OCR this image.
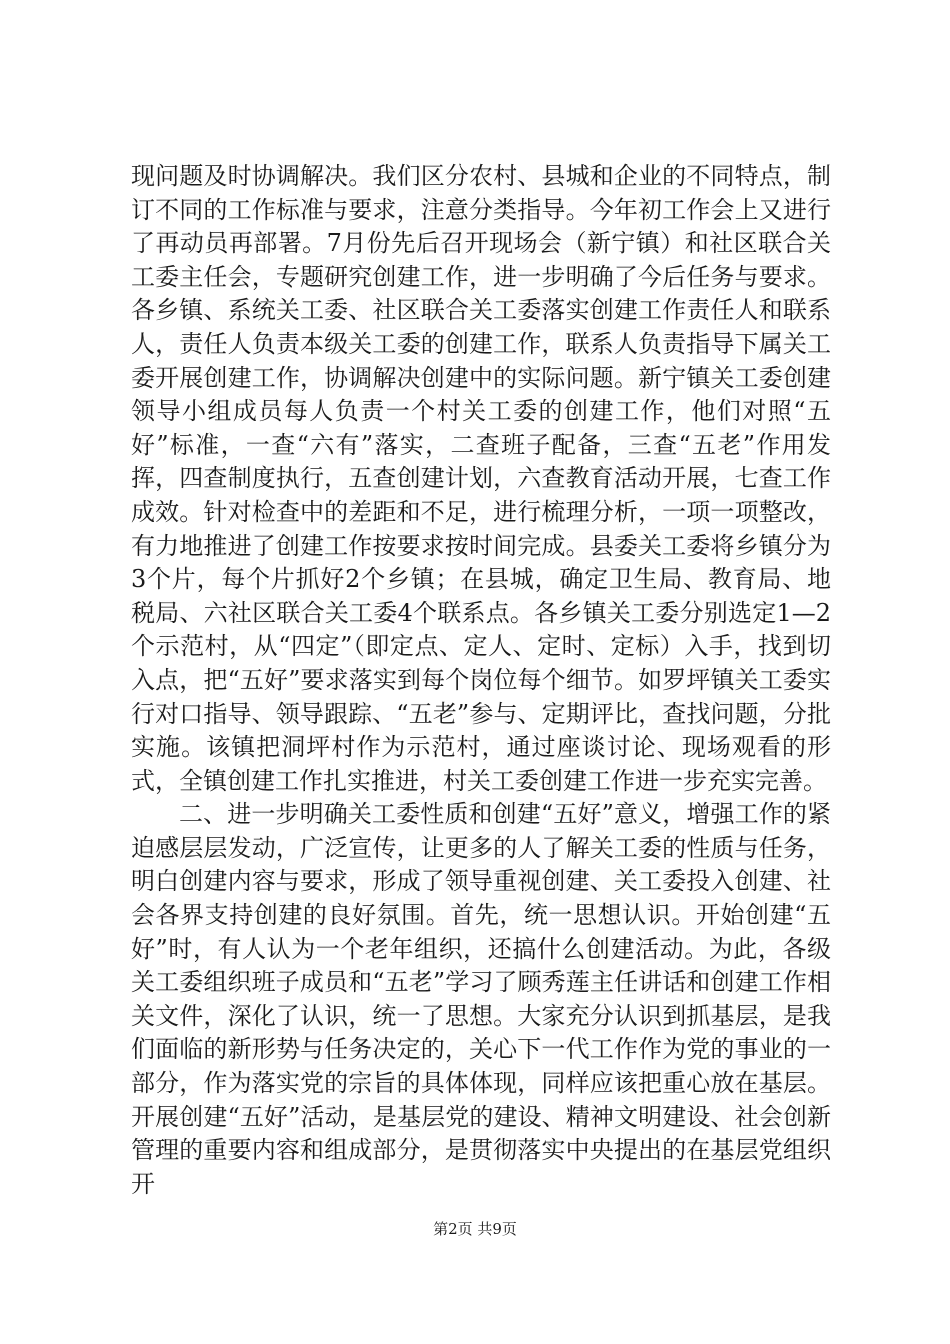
现问题及时协调解决。我们区分农村、县城和企业的不同特点，制订不同的工作标准与要求，注意分类指导。今年初工作会上又进行了再动员再部署。7月份先后召开现场会（新宁镇）和社区联合关工委主任会，专题研究创建工作，进一步明确了今后任务与要求。各乡镇、系统关工委、社区联合关工委落实创建工作责任人和联系人，责任人负责本级关工委的创建工作，联系人负责指导下属关工委开展创建工作，协调解决创建中的实际问题。新宁镇关工委创建领导小组成员每人负责一个村关工委的创建工作，他们对照“五好”标准，一查“六有”落实，二查班子配备，三查“五老”作用发挥，四查制度执行，五查创建计划，六查教育活动开展，七查工作成效。针对检查中的差距和不足，进行梳理分析，一项一项整改，有力地推进了创建工作按要求按时间完成。县委关工委将乡镇分为3个片，每个片抓好2个乡镇；在县城，确定卫生局、教育局、地税局、六社区联合关工委4个联系点。各乡镇关工委分别选定1—2个示范村，从“四定”（即定点、定人、定时、定标）入手，找到切入点，把“五好”要求落实到每个岗位每个细节。如罗坪镇关工委实行对口指导、领导跟踪、“五老”参与、定期评比，查找问题，分批实施。该镇把洞坪村作为示范村，通过座谈讨论、现场观看的形式，全镇创建工作扎实推进，村关工委创建工作进一步充实完善。

二、进一步明确关工委性质和创建“五好”意义，增强工作的紧迫感层层发动，广泛宣传，让更多的人了解关工委的性质与任务，明白创建内容与要求，形成了领导重视创建、关工委投入创建、社会各界支持创建的良好氛围。首先，统一思想认识。开始创建“五好”时，有人认为一个老年组织，还搞什么创建活动。为此，各级关工委组织班子成员和“五老”学习了顾秀莲主任讲话和创建工作相关文件，深化了认识，统一了思想。大家充分认识到抓基层，是我们面临的新形势与任务决定的，关心下一代工作作为党的事业的一部分，作为落实党的宗旨的具体体现，同样应该把重心放在基层。开展创建“五好”活动，是基层党的建设、精神文明建设、社会创新管理的重要内容和组成部分，是贯彻落实中央提出的在基层党组织开

第2页 共9页
